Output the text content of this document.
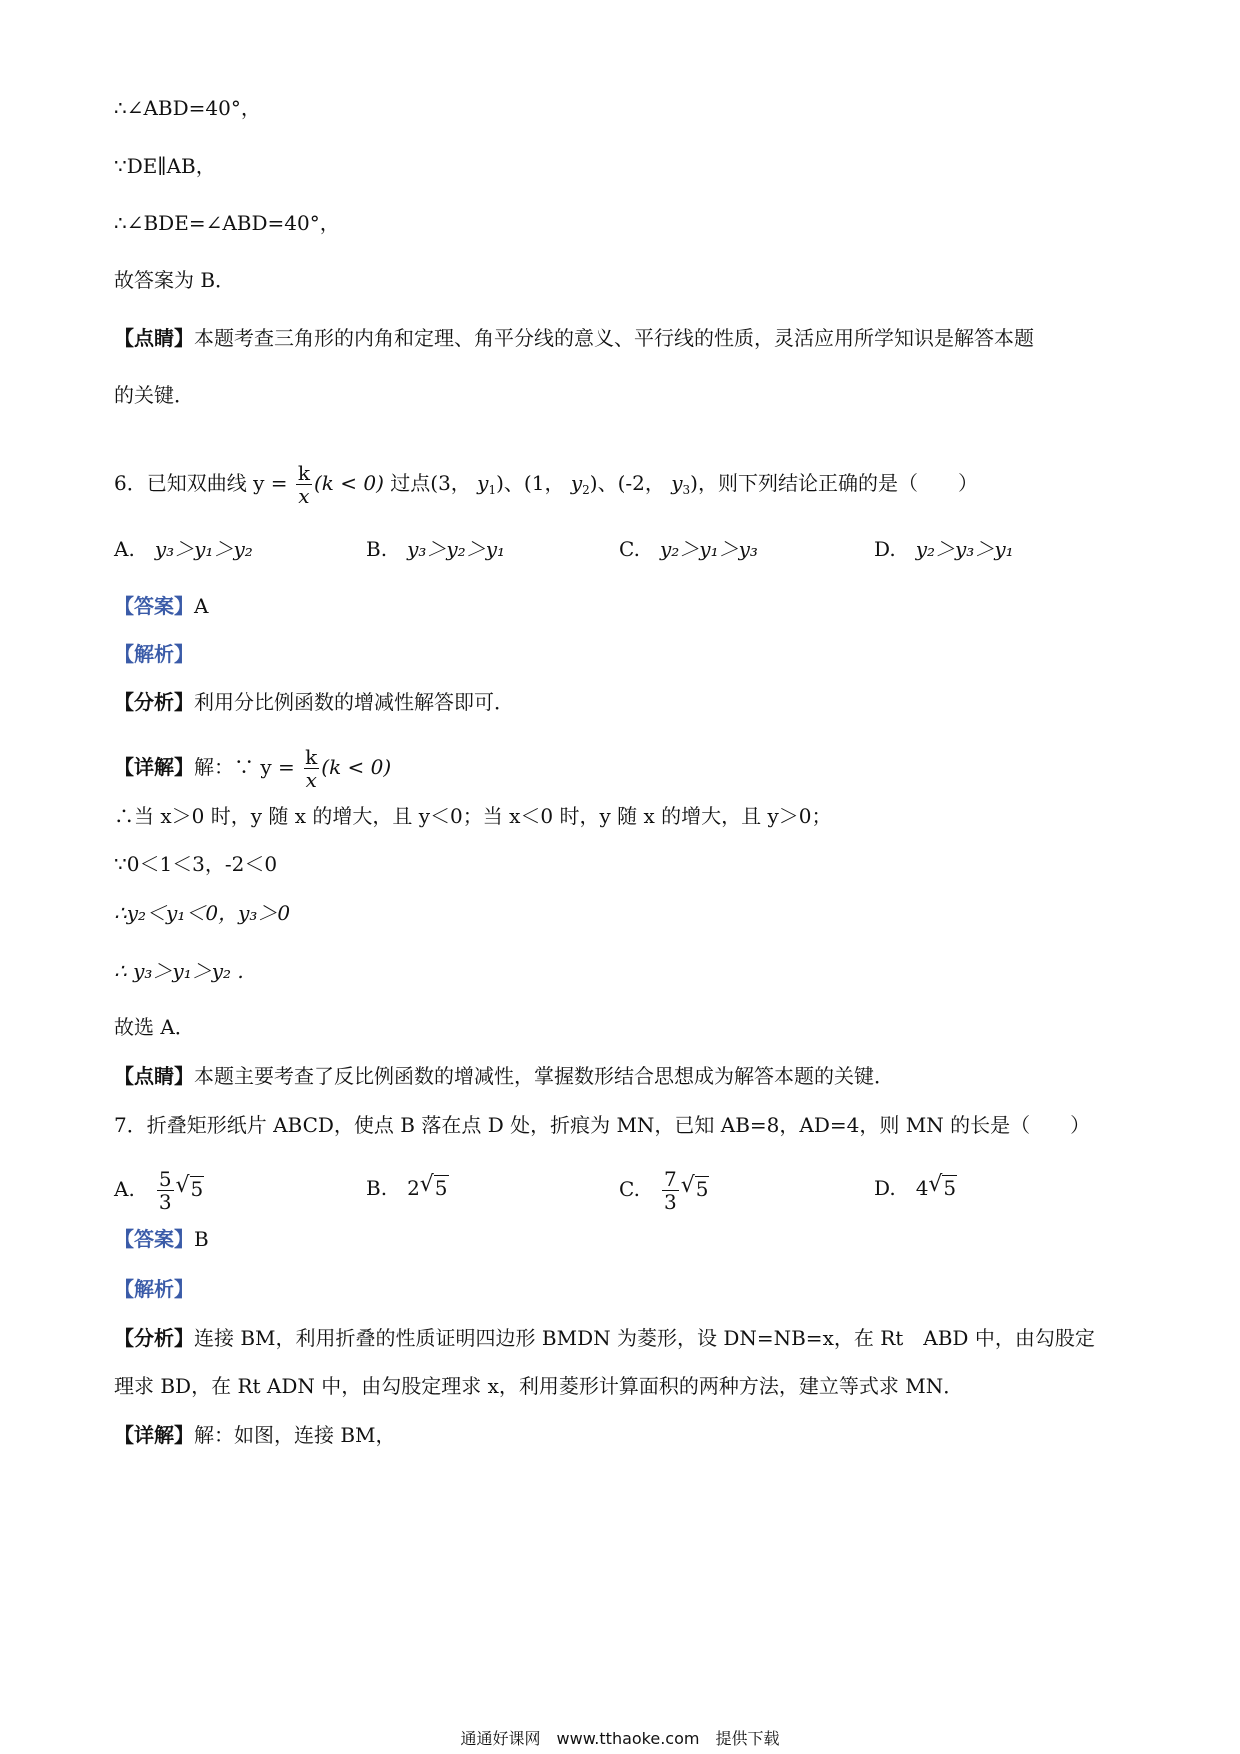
∴∠ABD=40°，
∵DE∥AB，
∴∠BDE=∠ABD=40°，
故答案为 B．
【点睛】本题考查三角形的内角和定理、角平分线的意义、平行线的性质，灵活应用所学知识是解答本题
的关键．
6．已知双曲线 $y = \frac{k}{x} (k < 0)$ 过点(3， $y_1$)、(1， $y_2$)、(-2， $y_3$)，则下列结论正确的是（　　）
A.　 y₃＞y₁＞y₂	B.　 y₃＞y₂＞y₁	C.　 y₂＞y₁＞y₃	D.　 y₂＞y₃＞y₁
【答案】A
【解析】
【分析】利用分比例函数的增减性解答即可．
【详解】解：∵ $y = \frac{k}{x} (k < 0)$
∴当 x＞0 时，y 随 x 的增大，且 y＜0；当 x＜0 时，y 随 x 的增大，且 y＞0；
∵0＜1＜3，-2＜0
∴y₂＜y₁＜0，y₃＞0
∴ y₃＞y₁＞y₂ .
故选 A．
【点睛】本题主要考查了反比例函数的增减性，掌握数形结合思想成为解答本题的关键．
7．折叠矩形纸片 ABCD，使点 B 落在点 D 处，折痕为 MN，已知 AB=8，AD=4，则 MN 的长是（　　）
A.　 $\frac{5}{3}$ √ 5	B.　 2 √ 5	C.　 $\frac{7}{3}$ √ 5	D.　 4 √ 5
【答案】B
【解析】
【分析】连接 BM，利用折叠的性质证明四边形 BMDN 为菱形，设 DN=NB=x，在 Rt　ABD 中，由勾股定
理求 BD，在 Rt ADN 中，由勾股定理求 x，利用菱形计算面积的两种方法，建立等式求 MN．
【详解】解：如图，连接 BM，
通通好课网　www.tthaoke.com　提供下载
